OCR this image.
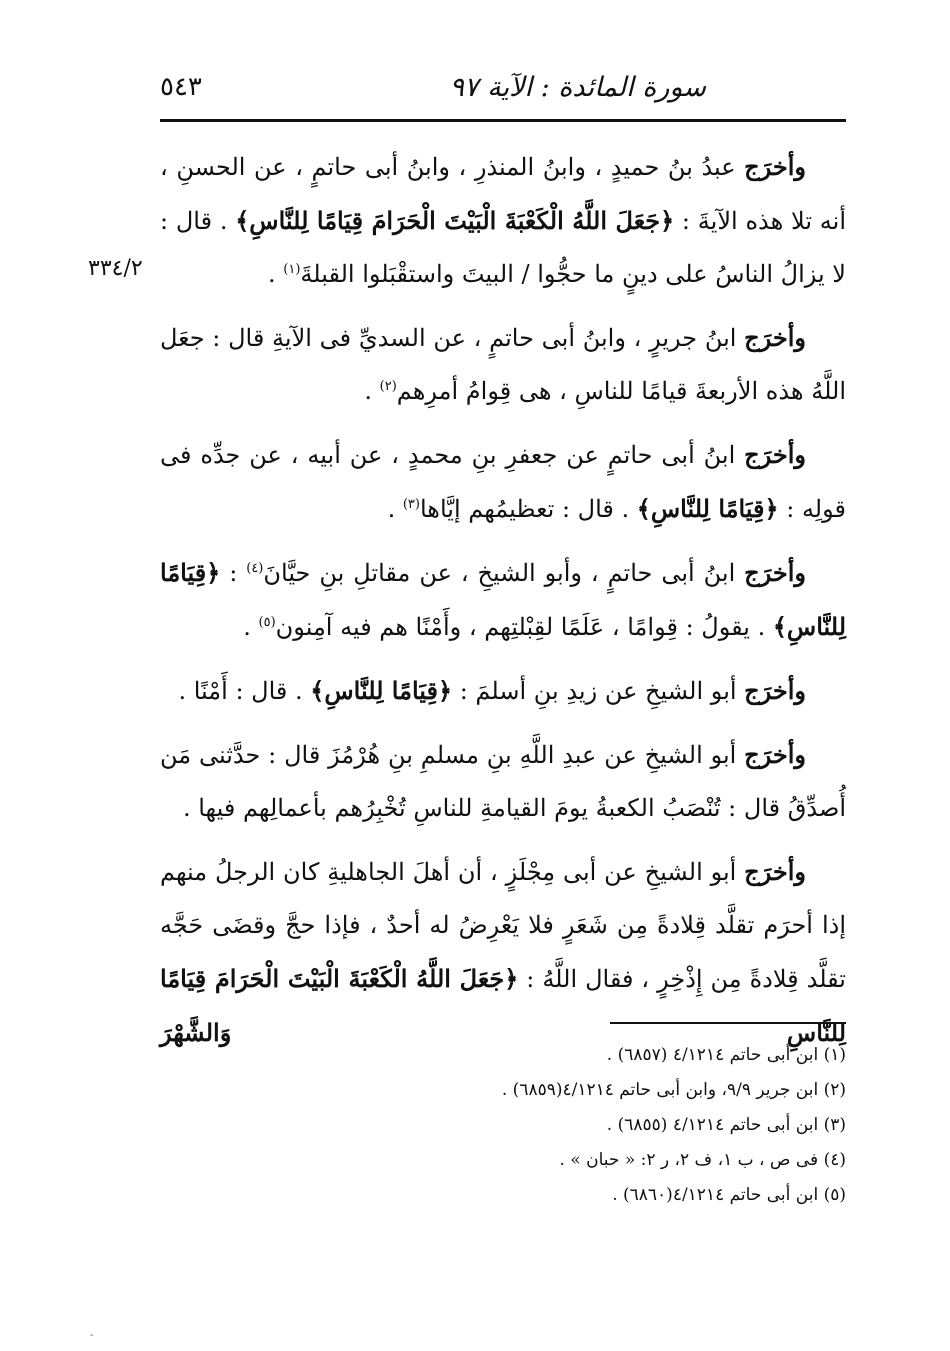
سورة المائدة : الآية ٩٧
٥٤٣
٣٣٤/٢

وأخرَج عبدُ بنُ حميدٍ ، وابنُ المنذرِ ، وابنُ أبى حاتمٍ ، عن الحسنِ ، أنه تلا هذه الآيةَ : ﴿جَعَلَ اللَّهُ الْكَعْبَةَ الْبَيْتَ الْحَرَامَ قِيَامًا لِلنَّاسِ﴾ . قال : لا يزالُ الناسُ على دينٍ ما حجُّوا / البيتَ واستقْبَلوا القبلةَ$^{(١)}$ .

وأخرَج ابنُ جريرٍ ، وابنُ أبى حاتمٍ ، عن السديِّ فى الآيةِ قال : جعَل اللَّهُ هذه الأربعةَ قيامًا للناسِ ، هى قِوامُ أمرِهم$^{(٢)}$ .

وأخرَج ابنُ أبى حاتمٍ عن جعفرِ بنِ محمدٍ ، عن أبيه ، عن جدِّه فى قولِه : ﴿قِيَامًا لِلنَّاسِ﴾ . قال : تعظيمُهم إيَّاها$^{(٣)}$ .

وأخرَج ابنُ أبى حاتمٍ ، وأبو الشيخِ ، عن مقاتلِ بنِ حيَّانَ$^{(٤)}$ : ﴿قِيَامًا لِلنَّاسِ﴾ . يقولُ : قِوامًا ، عَلَمًا لقِبْلتِهم ، وأَمْنًا هم فيه آمِنون$^{(٥)}$ .

وأخرَج أبو الشيخِ عن زيدِ بنِ أسلمَ : ﴿قِيَامًا لِلنَّاسِ﴾ . قال : أَمْنًا .

وأخرَج أبو الشيخِ عن عبدِ اللَّهِ بنِ مسلمِ بنِ هُرْمُزَ قال : حدَّثنى مَن أُصدِّقُ قال : تُنْصَبُ الكعبةُ يومَ القيامةِ للناسِ تُخْبِرُهم بأعمالِهم فيها .

وأخرَج أبو الشيخِ عن أبى مِجْلَزٍ ، أن أهلَ الجاهليةِ كان الرجلُ منهم إذا أحرَم تقلَّد قِلادةً مِن شَعَرٍ فلا يَعْرِضُ له أحدٌ ، فإذا حجَّ وقضَى حَجَّه تقلَّد قِلادةً مِن إِذْخِرٍ ، فقال اللَّهُ : ﴿جَعَلَ اللَّهُ الْكَعْبَةَ الْبَيْتَ الْحَرَامَ قِيَامًا لِلنَّاسِ وَالشَّهْرَ

(١) ابن أبى حاتم ٤/١٢١٤ (٦٨٥٧) .

(٢) ابن جرير ٩/٩، وابن أبى حاتم ٤/١٢١٤(٦٨٥٩) .

(٣) ابن أبى حاتم ٤/١٢١٤ (٦٨٥٥) .

(٤) فى ص ، ب ١، ف ٢، ر ٢: « حبان » .

(٥) ابن أبى حاتم ٤/١٢١٤(٦٨٦٠) .

-
